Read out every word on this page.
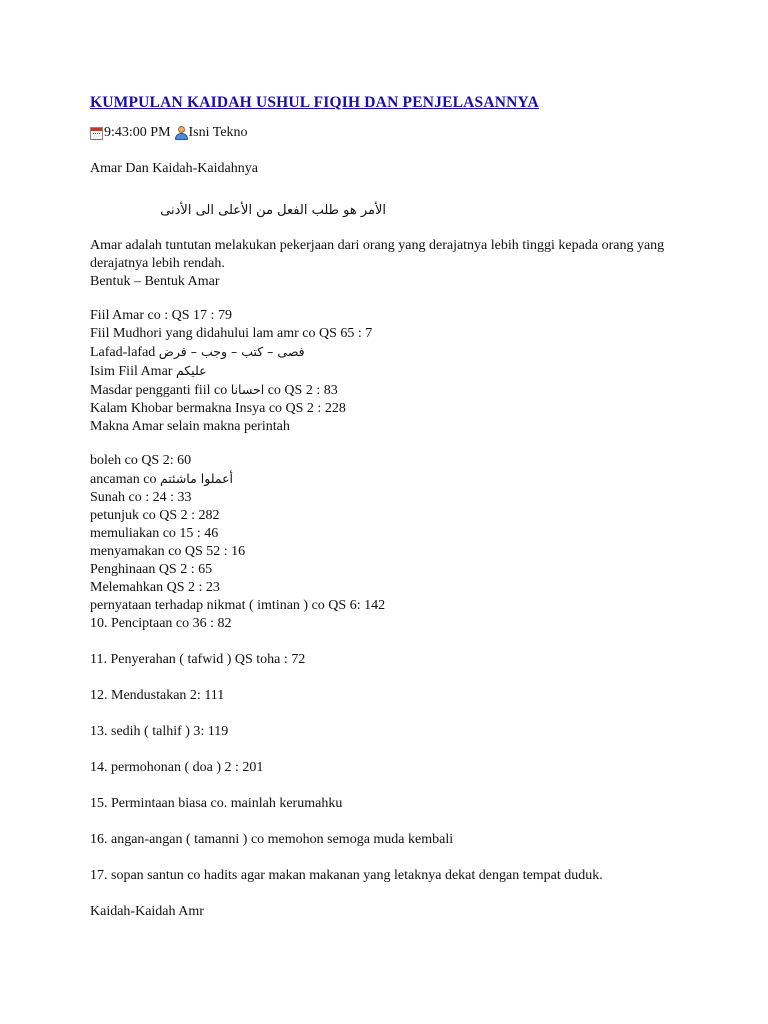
KUMPULAN KAIDAH USHUL FIQIH DAN PENJELASANNYA
9:43:00 PM Isni Tekno
Amar Dan Kaidah-Kaidahnya
الأمر هو طلب الفعل من الأعلى الى الأدنى
Amar adalah tuntutan melakukan pekerjaan dari orang yang derajatnya lebih tinggi kepada orang yang derajatnya lebih rendah.
Bentuk – Bentuk Amar
Fiil Amar co : QS 17 : 79
Fiil Mudhori yang didahului lam amr co QS 65 : 7
Lafad-lafad فصى – كتب – وجب – فرض
Isim Fiil Amar عليكم
Masdar pengganti fiil co احسانا co QS 2 : 83
Kalam Khobar bermakna Insya co QS 2 : 228
Makna Amar selain makna perintah
boleh co QS 2: 60
ancaman co أعملوا ماشئتم
Sunah co : 24 : 33
petunjuk co QS 2 : 282
memuliakan co 15 : 46
menyamakan co QS 52 : 16
Penghinaan QS 2 : 65
Melemahkan QS 2 : 23
pernyataan terhadap nikmat ( imtinan ) co QS 6: 142
10. Penciptaan co 36 : 82
11. Penyerahan ( tafwid ) QS toha : 72
12. Mendustakan 2: 111
13. sedih ( talhif ) 3: 119
14. permohonan ( doa ) 2 : 201
15. Permintaan biasa co. mainlah kerumahku
16. angan-angan ( tamanni ) co memohon semoga muda kembali
17. sopan santun co hadits agar makan makanan yang letaknya dekat dengan tempat duduk.
Kaidah-Kaidah Amr
